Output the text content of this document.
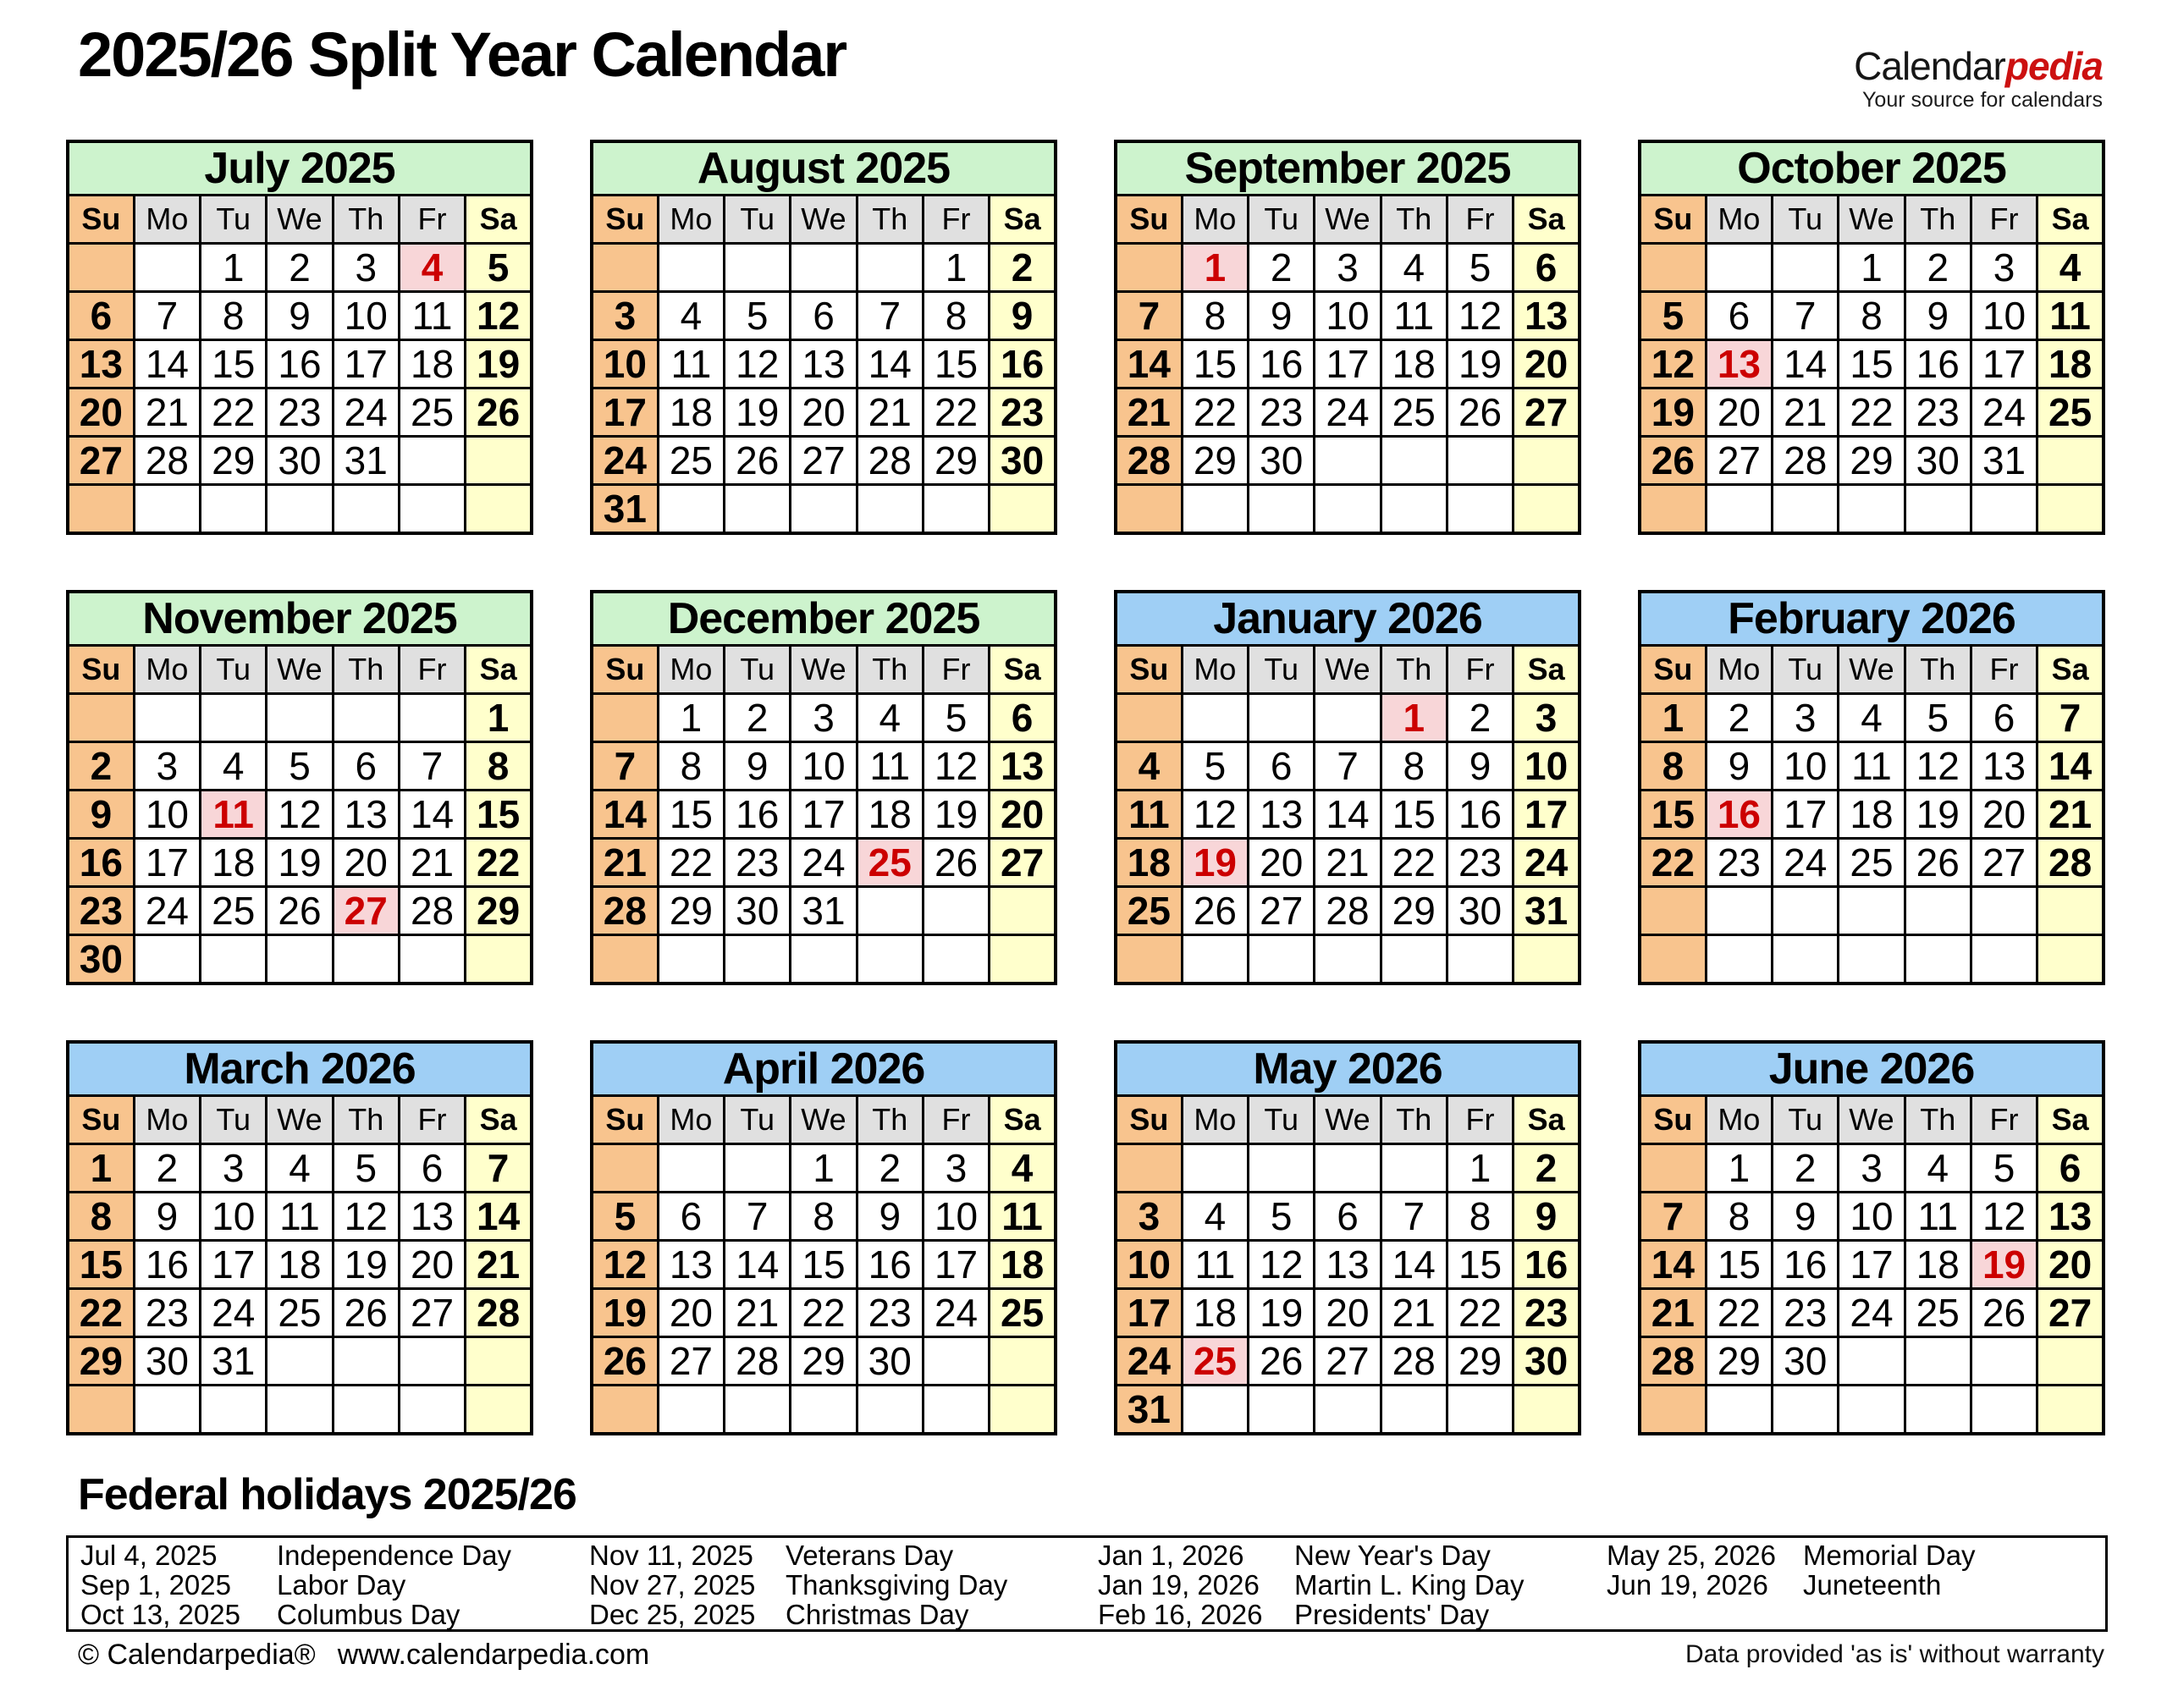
2025/26 Split Year Calendar	Calendarpedia
Your source for calendars
July 2025						
Su	Mo	Tu	We	Th	Fr	Sa
		1	2	3	4	5
6	7	8	9	10	11	12
13	14	15	16	17	18	19
20	21	22	23	24	25	26
27	28	29	30	31		

August 2025						
Su	Mo	Tu	We	Th	Fr	Sa
					1	2
3	4	5	6	7	8	9
10	11	12	13	14	15	16
17	18	19	20	21	22	23
24	25	26	27	28	29	30
31						
September 2025						
Su	Mo	Tu	We	Th	Fr	Sa
	1	2	3	4	5	6
7	8	9	10	11	12	13
14	15	16	17	18	19	20
21	22	23	24	25	26	27
28	29	30				

October 2025						
Su	Mo	Tu	We	Th	Fr	Sa
			1	2	3	4
5	6	7	8	9	10	11
12	13	14	15	16	17	18
19	20	21	22	23	24	25
26	27	28	29	30	31	

November 2025						
Su	Mo	Tu	We	Th	Fr	Sa
						1
2	3	4	5	6	7	8
9	10	11	12	13	14	15
16	17	18	19	20	21	22
23	24	25	26	27	28	29
30						
December 2025						
Su	Mo	Tu	We	Th	Fr	Sa
	1	2	3	4	5	6
7	8	9	10	11	12	13
14	15	16	17	18	19	20
21	22	23	24	25	26	27
28	29	30	31			

January 2026						
Su	Mo	Tu	We	Th	Fr	Sa
				1	2	3
4	5	6	7	8	9	10
11	12	13	14	15	16	17
18	19	20	21	22	23	24
25	26	27	28	29	30	31

February 2026						
Su	Mo	Tu	We	Th	Fr	Sa
1	2	3	4	5	6	7
8	9	10	11	12	13	14
15	16	17	18	19	20	21
22	23	24	25	26	27	28

March 2026						
Su	Mo	Tu	We	Th	Fr	Sa
1	2	3	4	5	6	7
8	9	10	11	12	13	14
15	16	17	18	19	20	21
22	23	24	25	26	27	28
29	30	31				

April 2026						
Su	Mo	Tu	We	Th	Fr	Sa
			1	2	3	4
5	6	7	8	9	10	11
12	13	14	15	16	17	18
19	20	21	22	23	24	25
26	27	28	29	30		

May 2026						
Su	Mo	Tu	We	Th	Fr	Sa
					1	2
3	4	5	6	7	8	9
10	11	12	13	14	15	16
17	18	19	20	21	22	23
24	25	26	27	28	29	30
31						
June 2026						
Su	Mo	Tu	We	Th	Fr	Sa
	1	2	3	4	5	6
7	8	9	10	11	12	13
14	15	16	17	18	19	20
21	22	23	24	25	26	27
28	29	30				

Federal holidays 2025/26
Jul 4, 2025 Independence Day
Sep 1, 2025 Labor Day
Oct 13, 2025 Columbus Day
Nov 11, 2025 Veterans Day
Nov 27, 2025 Thanksgiving Day
Dec 25, 2025 Christmas Day
Jan 1, 2026 New Year's Day
Jan 19, 2026 Martin L. King Day
Feb 16, 2026 Presidents' Day
May 25, 2026 Memorial Day
Jun 19, 2026 Juneteenth
© Calendarpedia® www.calendarpedia.com	Data provided 'as is' without warranty
